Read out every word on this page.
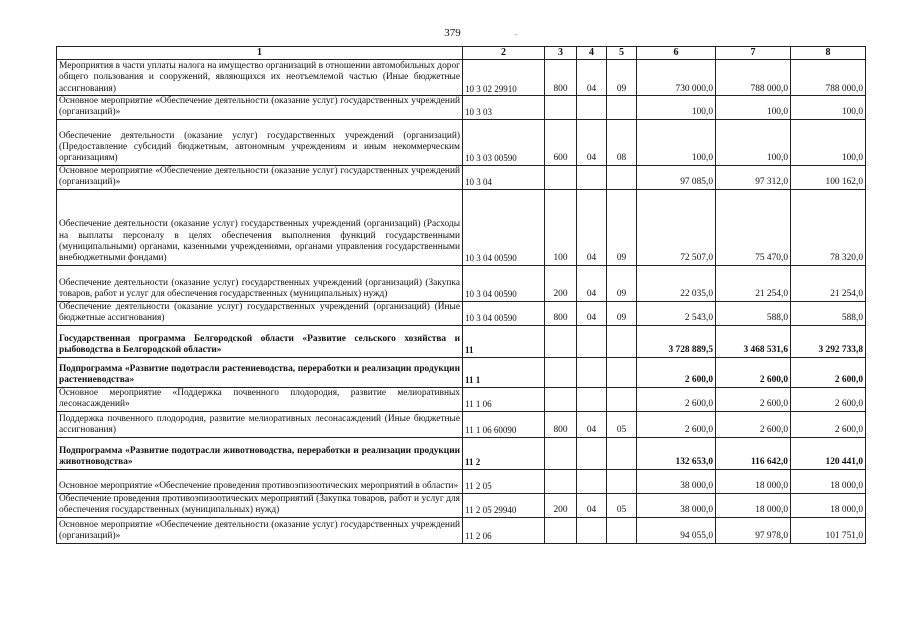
379	-
1	2	3	4	5	6	7	8
Мероприятия в части уплаты налога на имущество организаций в отношении автомобильных дорог общего пользования и сооружений, являющихся их неотъемлемой частью (Иные бюджетные ассигнования)	10 3 02 29910	800	04	09	730 000,0	788 000,0	788 000,0
Основное мероприятие «Обеспечение деятельности (оказание услуг) государственных учреждений (организаций)»	10 3 03				100,0	100,0	100,0
Обеспечение деятельности (оказание услуг) государственных учреждений (организаций) (Предоставление субсидий бюджетным, автономным учреждениям и иным некоммерческим организациям)	10 3 03 00590	600	04	08	100,0	100,0	100,0
Основное мероприятие «Обеспечение деятельности (оказание услуг) государственных учреждений (организаций)»	10 3 04				97 085,0	97 312,0	100 162,0
Обеспечение деятельности (оказание услуг) государственных учреждений (организаций) (Расходы на выплаты персоналу в целях обеспечения выполнения функций государственными (муниципальными) органами, казенными учреждениями, органами управления государственными внебюджетными фондами)	10 3 04 00590	100	04	09	72 507,0	75 470,0	78 320,0
Обеспечение деятельности (оказание услуг) государственных учреждений (организаций) (Закупка товаров, работ и услуг для обеспечения государственных (муниципальных) нужд)	10 3 04 00590	200	04	09	22 035,0	21 254,0	21 254,0
Обеспечение деятельности (оказание услуг) государственных учреждений (организаций) (Иные бюджетные ассигнования)	10 3 04 00590	800	04	09	2 543,0	588,0	588,0
Государственная программа Белгородской области «Развитие сельского хозяйства и рыбоводства в Белгородской области»	11				3 728 889,5	3 468 531,6	3 292 733,8
Подпрограмма «Развитие подотрасли растениеводства, переработки и реализации продукции растениеводства»	11 1				2 600,0	2 600,0	2 600,0
Основное мероприятие «Поддержка почвенного плодородия, развитие мелиоративных лесонасаждений»	11 1 06				2 600,0	2 600,0	2 600,0
Поддержка почвенного плодородия, развитие мелиоративных лесонасаждений (Иные бюджетные ассигнования)	11 1 06 60090	800	04	05	2 600,0	2 600,0	2 600,0
Подпрограмма «Развитие подотрасли животноводства, переработки и реализации продукции животноводства»	11 2				132 653,0	116 642,0	120 441,0
Основное мероприятие «Обеспечение проведения противоэпизоотических мероприятий в области»	11 2 05				38 000,0	18 000,0	18 000,0
Обеспечение проведения противоэпизоотических мероприятий (Закупка товаров, работ и услуг для обеспечения государственных (муниципальных) нужд)	11 2 05 29940	200	04	05	38 000,0	18 000,0	18 000,0
Основное мероприятие «Обеспечение деятельности (оказание услуг) государственных учреждений (организаций)»	11 2 06				94 055,0	97 978,0	101 751,0
